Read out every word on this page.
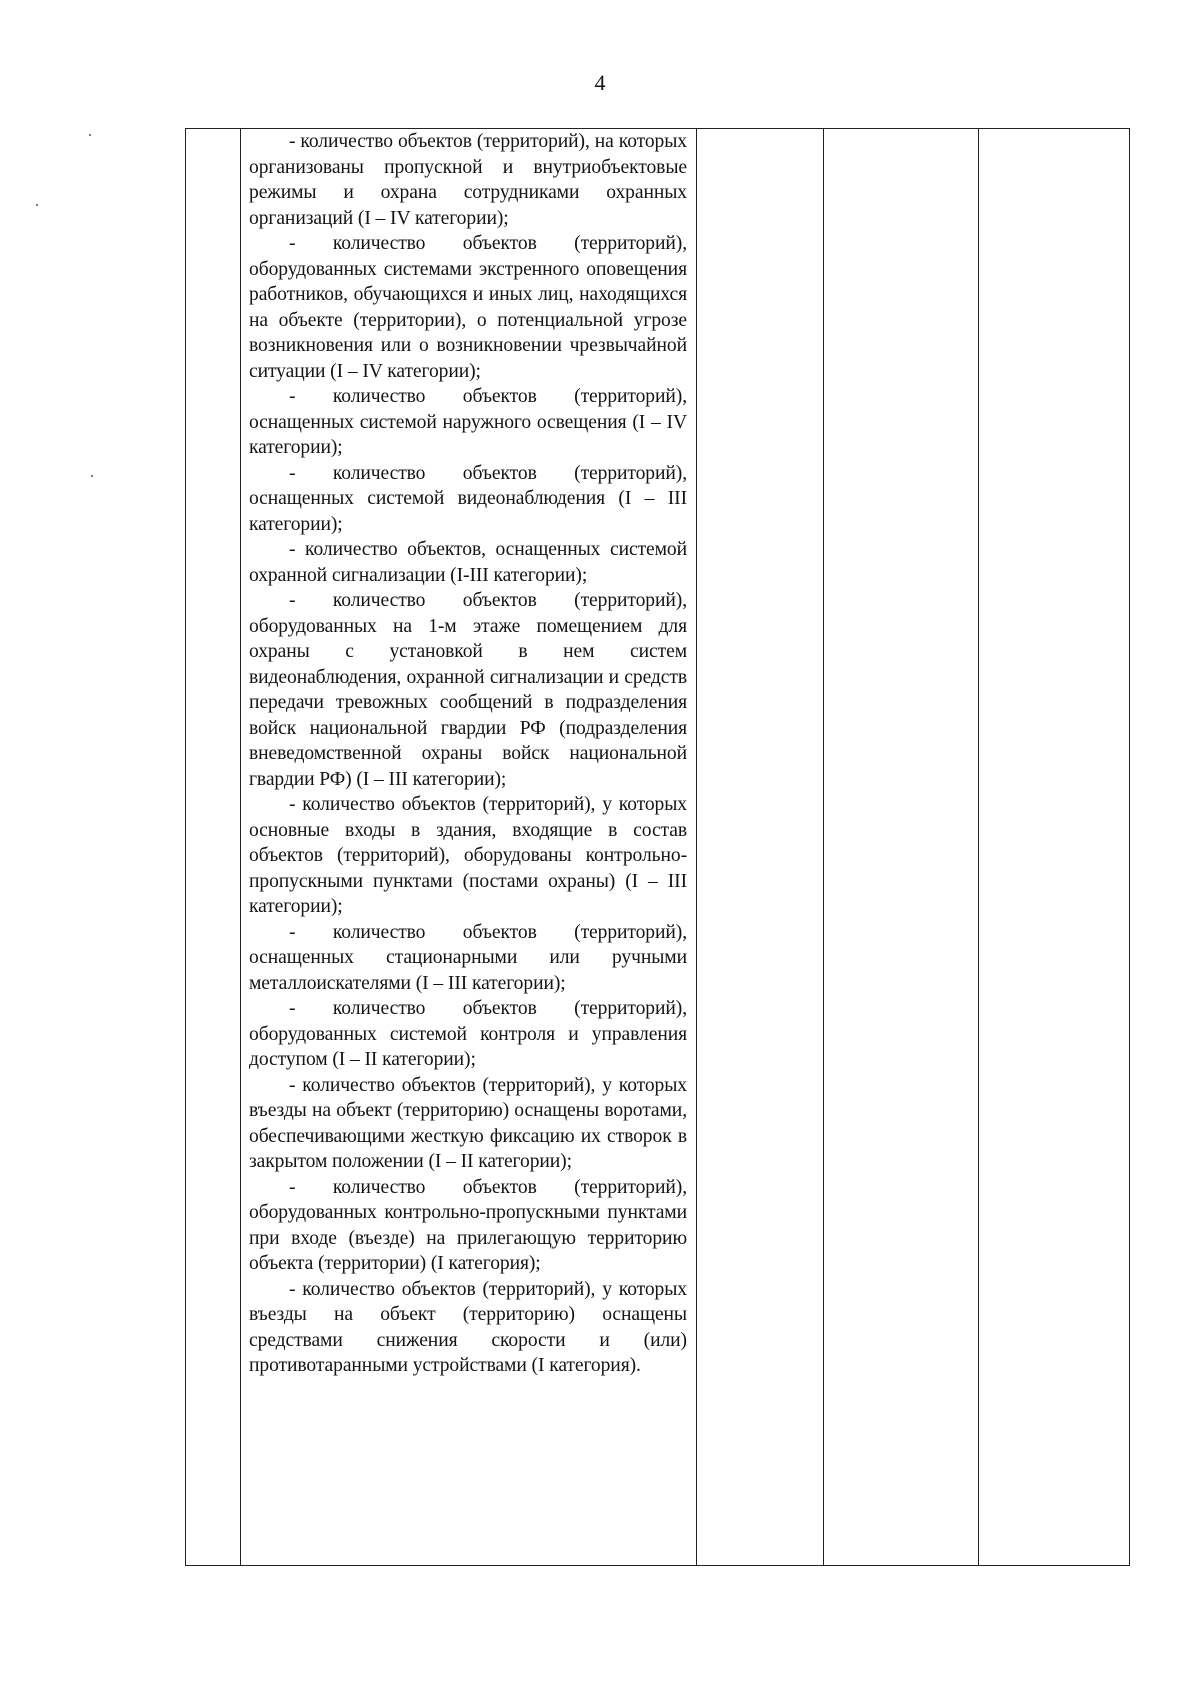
4

- количество объектов (территорий), на которых организованы пропускной и внутриобъектовые режимы и охрана сотрудниками охранных организаций (I – IV категории);

- количество объектов (территорий), оборудованных системами экстренного оповещения работников, обучающихся и иных лиц, находящихся на объекте (территории), о потенциальной угрозе возникновения или о возникновении чрезвычайной ситуации (I – IV категории);

- количество объектов (территорий), оснащенных системой наружного освещения (I – IV категории);

- количество объектов (территорий), оснащенных системой видеонаблюдения (I – III категории);

- количество объектов, оснащенных системой охранной сигнализации (I-III категории);

- количество объектов (территорий), оборудованных на 1-м этаже помещением для охраны с установкой в нем систем видеонаблюдения, охранной сигнализации и средств передачи тревожных сообщений в подразделения войск национальной гвардии РФ (подразделения вневедомственной охраны войск национальной гвардии РФ) (I – III категории);

- количество объектов (территорий), у которых основные входы в здания, входящие в состав объектов (территорий), оборудованы контрольно-пропускными пунктами (постами охраны) (I – III категории);

- количество объектов (территорий), оснащенных стационарными или ручными металлоискателями (I – III категории);

- количество объектов (территорий), оборудованных системой контроля и управления доступом (I – II категории);

- количество объектов (территорий), у которых въезды на объект (территорию) оснащены воротами, обеспечивающими жесткую фиксацию их створок в закрытом положении (I – II категории);

- количество объектов (территорий), оборудованных контрольно-пропускными пунктами при входе (въезде) на прилегающую территорию объекта (территории) (I категория);

- количество объектов (территорий), у которых въезды на объект (территорию) оснащены средствами снижения скорости и (или) противотаранными устройствами (I категория).
